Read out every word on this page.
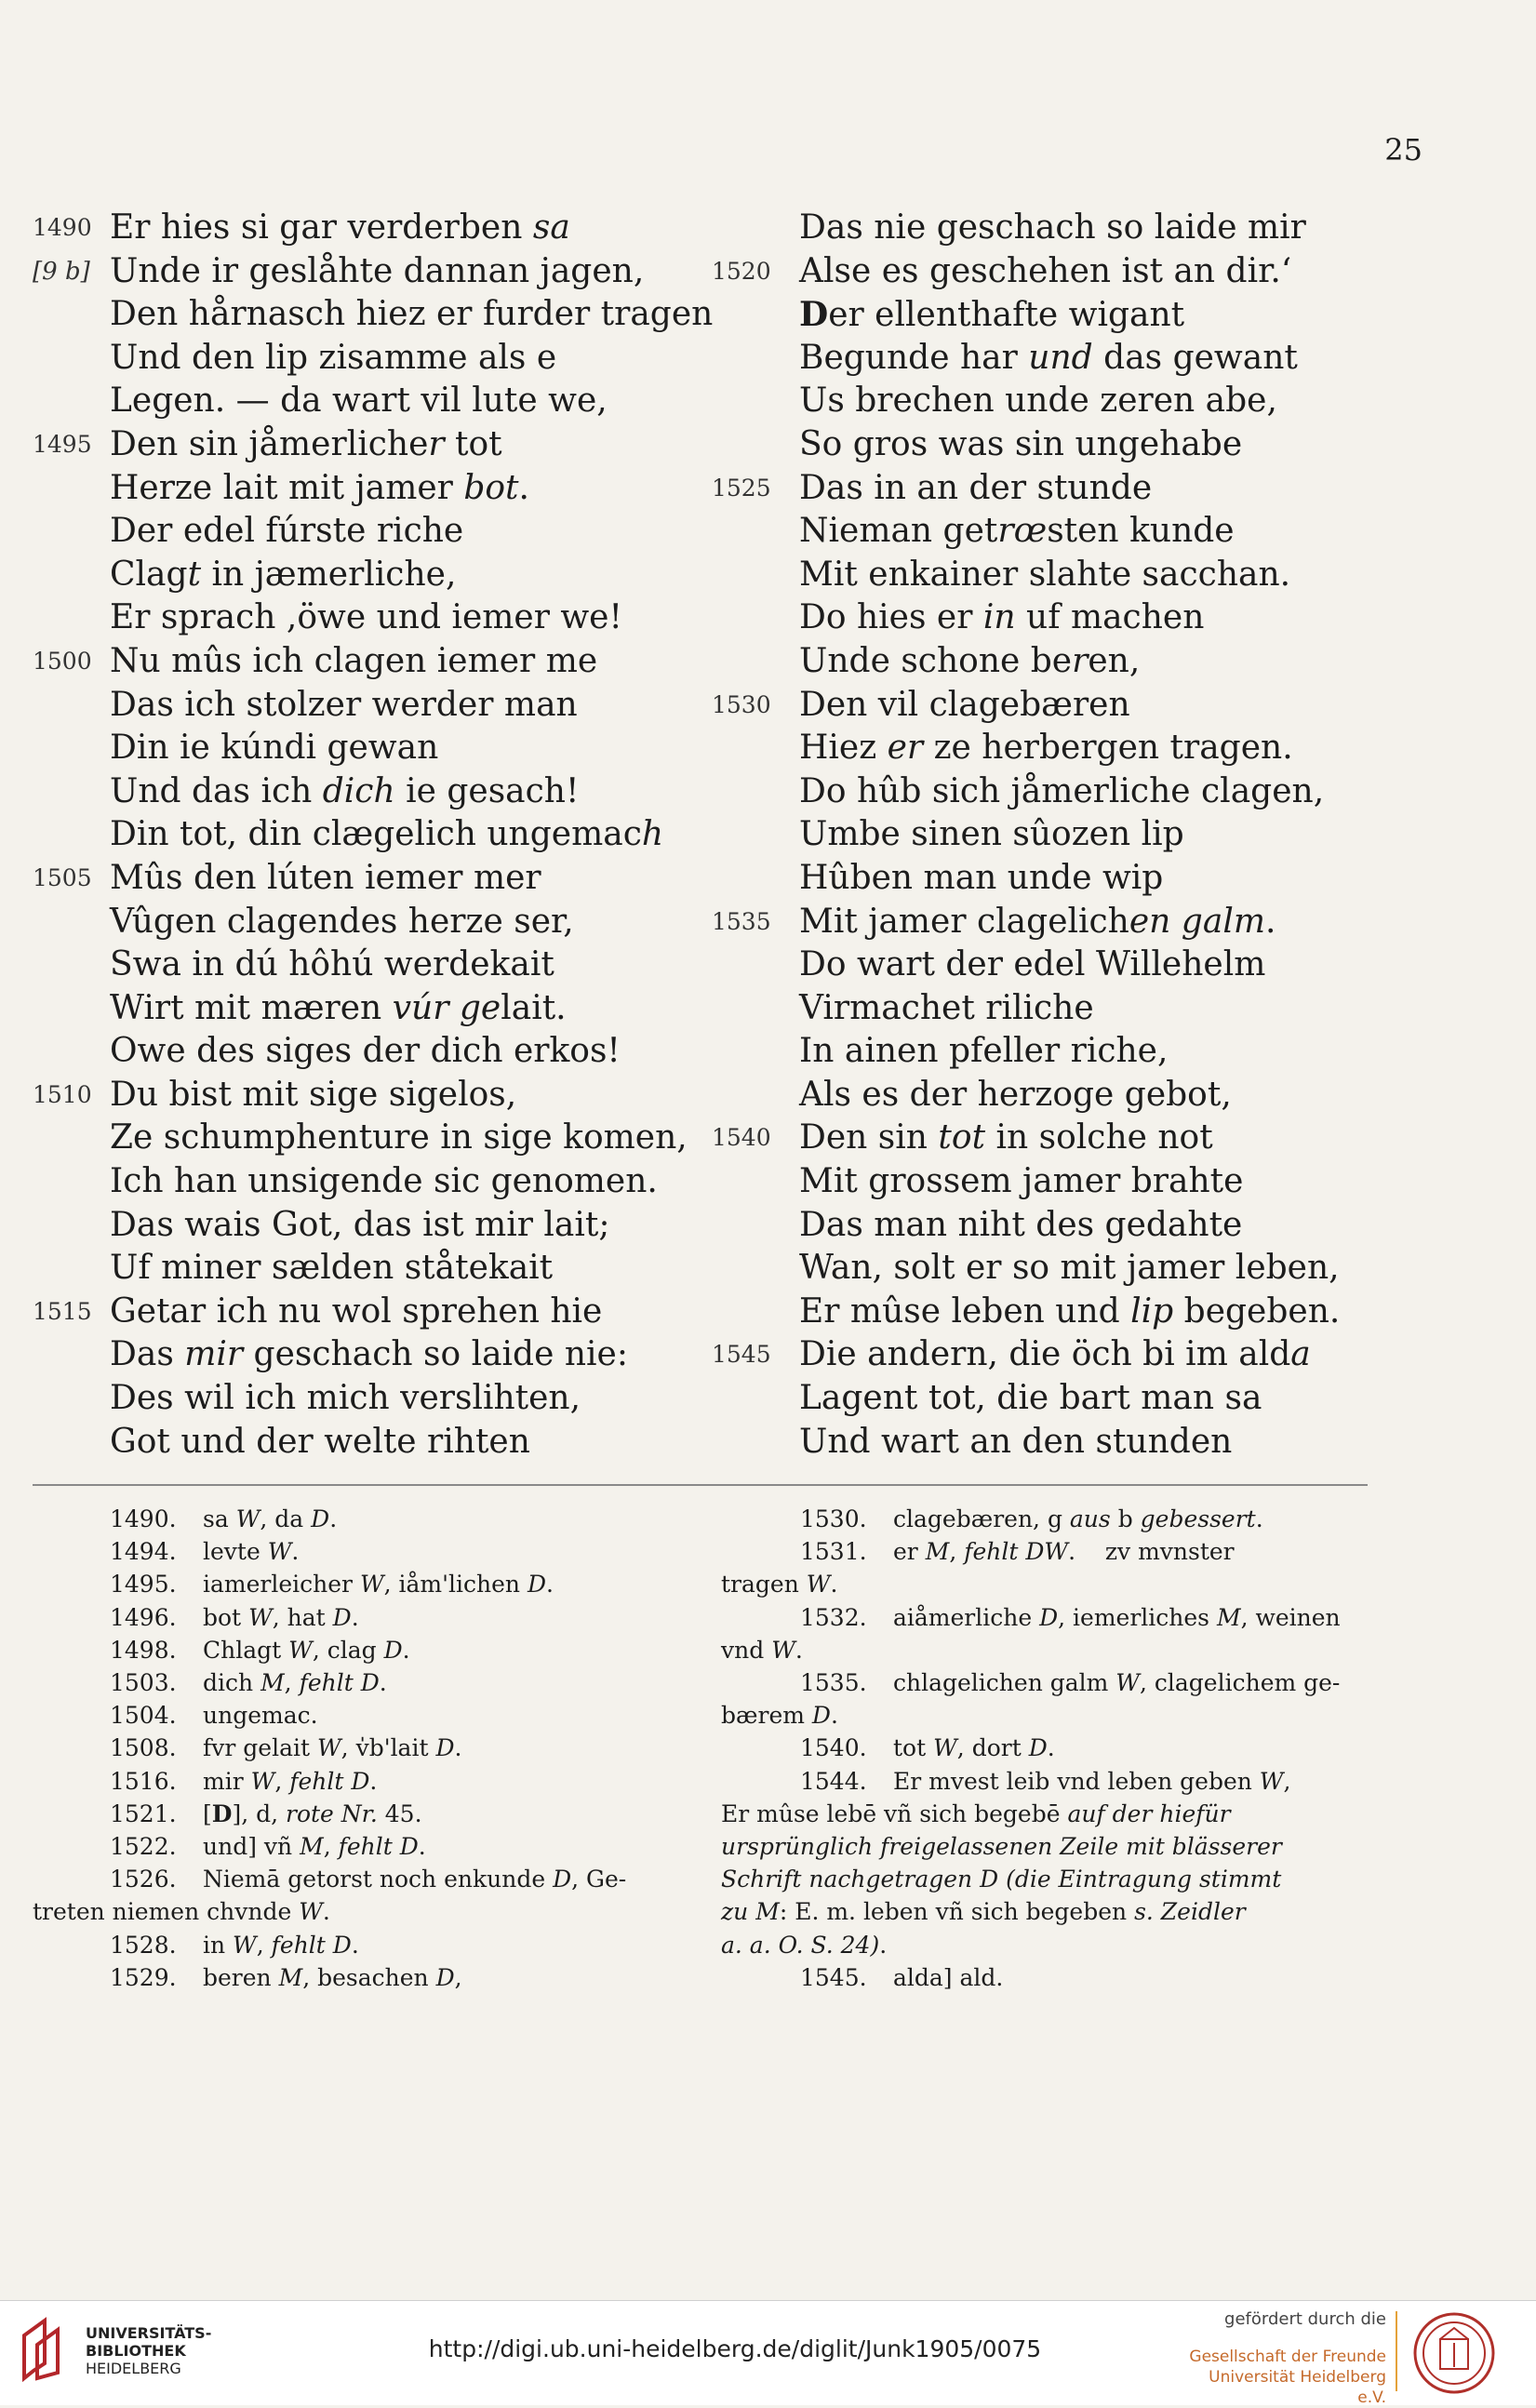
25
1490 Er hies si gar verderben sa
[9 b] Unde ir geslåhte dannan jagen,
Den hårnasch hiez er furder tragen
Und den lip zisamme als e
Legen. — da wart vil lute we,
1495 Den sin jåmerlicher tot
Herze lait mit jamer bot.
Der edel fúrste riche
Clagt in jæmerliche,
Er sprach ,öwe und iemer we!
1500 Nu mûs ich clagen iemer me
Das ich stolzer werder man
Din ie kúndi gewan
Und das ich dich ie gesach!
Din tot, din clægelich ungemach
1505 Mûs den lúten iemer mer
Vûgen clagendes herze ser,
Swa in dú hôhú werdekait
Wirt mit mæren vúr gelait.
Owe des siges der dich erkos!
1510 Du bist mit sige sigelos,
Ze schumphenture in sige komen,
Ich han unsigende sic genomen.
Das wais Got, das ist mir lait;
Uf miner sælden ståtekait
1515 Getar ich nu wol sprehen hie
Das mir geschach so laide nie:
Des wil ich mich verslihten,
Got und der welte rihten
Das nie geschach so laide mir
1520 Alse es geschehen ist an dir.‘
Der ellenthafte wigant
Begunde har und das gewant
Us brechen unde zeren abe,
So gros was sin ungehabe
1525 Das in an der stunde
Nieman getrœsten kunde
Mit enkainer slahte sacchan.
Do hies er in uf machen
Unde schone beren,
1530 Den vil clagebæren
Hiez er ze herbergen tragen.
Do hûb sich jåmerliche clagen,
Umbe sinen sûozen lip
Hûben man unde wip
1535 Mit jamer clagelichen galm.
Do wart der edel Willehelm
Virmachet riliche
In ainen pfeller riche,
Als es der herzoge gebot,
1540 Den sin tot in solche not
Mit grossem jamer brahte
Das man niht des gedahte
Wan, solt er so mit jamer leben,
Er mûse leben und lip begeben.
1545 Die andern, die öch bi im alda
Lagent tot, die bart man sa
Und wart an den stunden
1490. sa W, da D.
1494. levte W.
1495. iamerleicher W, iåm'lichen D.
1496. bot W, hat D.
1498. Chlagt W, clag D.
1503. dich M, fehlt D.
1504. ungemac.
1508. fvr gelait W, v̍b'lait D.
1516. mir W, fehlt D.
1521. [D], d, rote Nr. 45.
1522. und] vñ M, fehlt D.
1526. Niemā getorst noch enkunde D, Ge-
treten niemen chvnde W.
1528. in W, fehlt D.
1529. beren M, besachen D,
1530. clagebæren, g aus b gebessert.
1531. er M, fehlt DW.    zv mvnster
tragen W.
1532. aiåmerliche D, iemerliches M, weinen
vnd W.
1535. chlagelichen galm W, clagelichem ge-
bærem D.
1540. tot W, dort D.
1544. Er mvest leib vnd leben geben W,
Er mûse lebē vñ sich begebē auf der hiefür
ursprünglich freigelassenen Zeile mit blässerer
Schrift nachgetragen D (die Eintragung stimmt
zu M: E. m. leben vñ sich begeben s. Zeidler
a. a. O. S. 24).
1545. alda] ald.
UNIVERSITÄTS-
BIBLIOTHEK
HEIDELBERG
http://digi.ub.uni-heidelberg.de/diglit/Junk1905/0075
gefördert durch die
Gesellschaft der Freunde
Universität Heidelberg e.V.
